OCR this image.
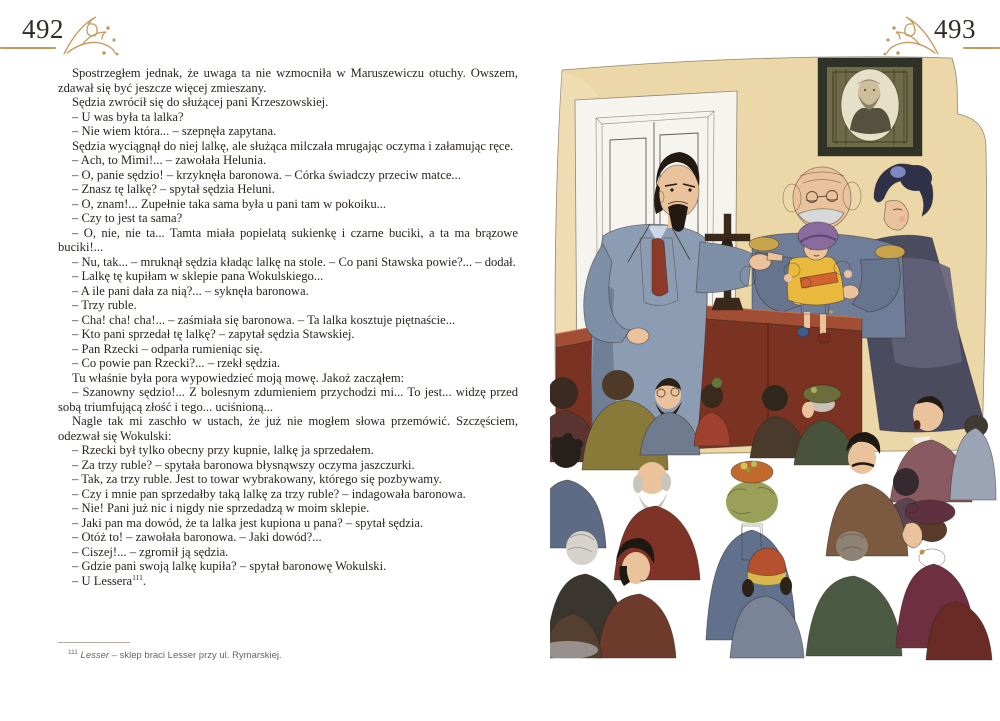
492	493

Spostrzegłem jednak, że uwaga ta nie wzmocniła w Maruszewiczu otuchy. Owszem, zdawał się być jeszcze więcej zmieszany.

Sędzia zwrócił się do służącej pani Krzeszowskiej.

– U was była ta lalka?

– Nie wiem która... – szepnęła zapytana.

Sędzia wyciągnął do niej lalkę, ale służąca milczała mrugając oczyma i załamując ręce.

– Ach, to Mimi!... – zawołała Helunia.

– O, panie sędzio! – krzyknęła baronowa. – Córka świadczy przeciw matce...

– Znasz tę lalkę? – spytał sędzia Heluni.

– O, znam!... Zupełnie taka sama była u pani tam w pokoiku...

– Czy to jest ta sama?

– O, nie, nie ta... Tamta miała popielatą sukienkę i czarne buciki, a ta ma brązowe buciki!...

– Nu, tak... – mruknął sędzia kładąc lalkę na stole. – Co pani Stawska powie?... – dodał.

– Lalkę tę kupiłam w sklepie pana Wokulskiego...

– A ile pani dała za nią?... – syknęła baronowa.

– Trzy ruble.

– Cha! cha! cha!... – zaśmiała się baronowa. – Ta lalka kosztuje piętnaście...

– Kto pani sprzedał tę lalkę? – zapytał sędzia Stawskiej.

– Pan Rzecki – odparła rumieniąc się.

– Co powie pan Rzecki?... – rzekł sędzia.

Tu właśnie była pora wypowiedzieć moją mowę. Jakoż zacząłem:

– Szanowny sędzio!... Z bolesnym zdumieniem przychodzi mi... To jest... widzę przed sobą triumfującą złość i tego... uciśnioną...

Nagle tak mi zaschło w ustach, że już nie mogłem słowa przemówić. Szczęściem, odezwał się Wokulski:

– Rzecki był tylko obecny przy kupnie, lalkę ja sprzedałem.

– Za trzy ruble? – spytała baronowa błysnąwszy oczyma jaszczurki.

– Tak, za trzy ruble. Jest to towar wybrakowany, którego się pozbywamy.

– Czy i mnie pan sprzedałby taką lalkę za trzy ruble? – indagowała baronowa.

– Nie! Pani już nic i nigdy nie sprzedadzą w moim sklepie.

– Jaki pan ma dowód, że ta lalka jest kupiona u pana? – spytał sędzia.

– Otóż to! – zawołała baronowa. – Jaki dowód?...

– Ciszej!... – zgromił ją sędzia.

– Gdzie pani swoją lalkę kupiła? – spytał baronowę Wokulski.

– U Lessera$^{111}$.

$^{111}$ Lesser – sklep braci Lesser przy ul. Rymarskiej.
